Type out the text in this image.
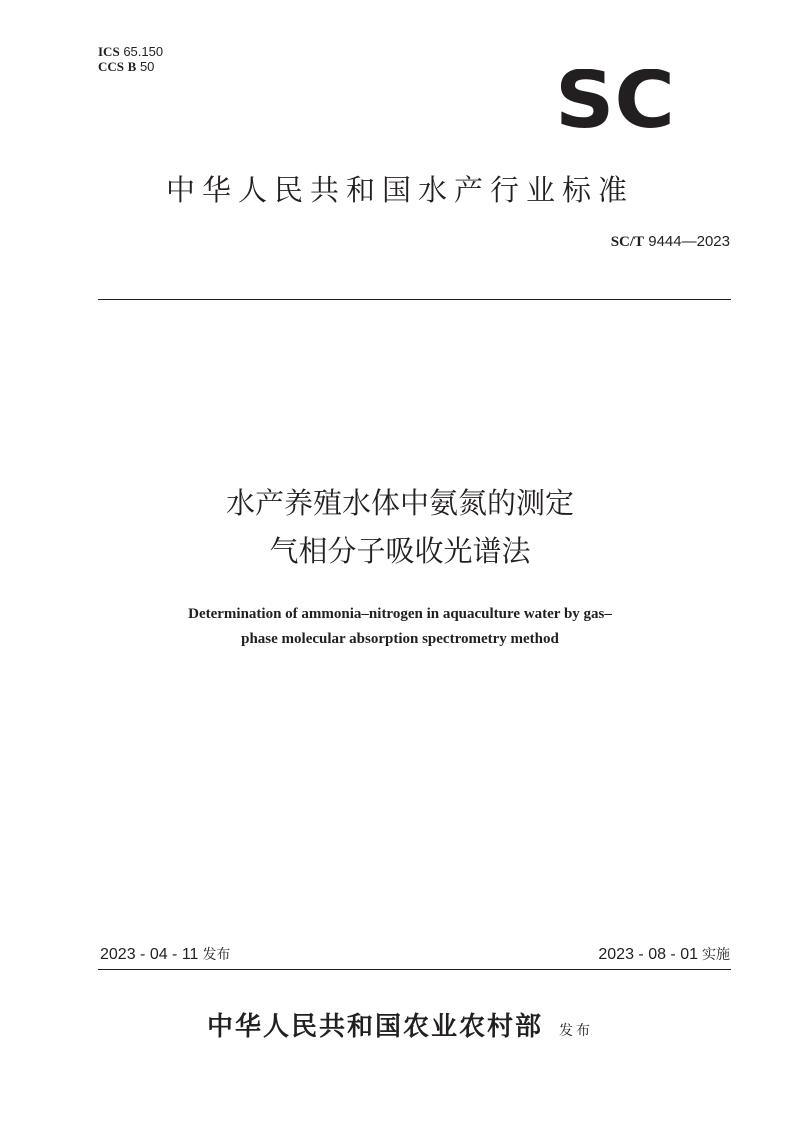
ICS 65.150
CCS B 50	SC
中华人民共和国水产行业标准
SC/T 9444—2023
水产养殖水体中氨氮的测定
气相分子吸收光谱法
Determination of ammonia–nitrogen in aquaculture water by gas–
phase molecular absorption spectrometry method
2023 - 04 - 11 发布	2023 - 08 - 01 实施
中华人民共和国农业农村部 发布
